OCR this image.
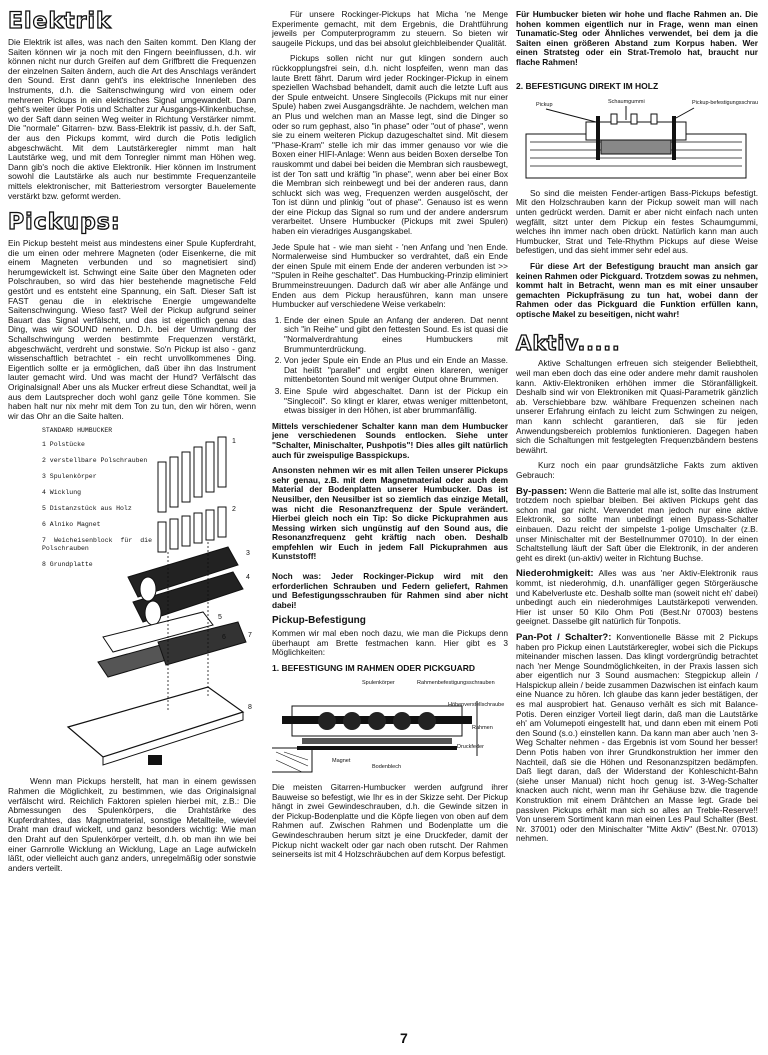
Elektrik

Die Elektrik ist alles, was nach den Saiten kommt. Den Klang der Saiten können wir ja noch mit den Fingern beeinflussen, d.h. wir können nicht nur durch Greifen auf dem Griffbrett die Frequenzen der einzelnen Saiten ändern, auch die Art des Anschlags verändert den Sound. Erst dann geht's ins elektrische Innenleben des Instruments, d.h. die Saitenschwingung wird von einem oder mehreren Pickups in ein elektrisches Signal umgewandelt. Dann geht's weiter über Potis und Schalter zur Ausgangs-Klinkenbuchse, wo der Saft dann seinen Weg weiter in Richtung Verstärker nimmt. Die "normale" Gitarren- bzw. Bass-Elektrik ist passiv, d.h. der Saft, der aus den Pickups kommt, wird durch die Potis lediglich abgeschwächt. Mit dem Lautstärkeregler nimmt man halt Lautstärke weg, und mit dem Tonregler nimmt man Höhen weg. Dann gib's noch die aktive Elektronik. Hier können im Instrument sowohl die Lautstärke als auch nur bestimmte Frequenzanteile mittels elektronischer, mit Batteriestrom versorgter Bauelemente verstärkt bzw. geformt werden.

Pickups:

Ein Pickup besteht meist aus mindestens einer Spule Kupferdraht, die um einen oder mehrere Magneten (oder Eisenkerne, die mit einem Magneten verbunden und so magnetisiert sind) herumgewickelt ist. Schwingt eine Saite über den Magneten oder Polschrauben, so wird das hier bestehende magnetische Feld gestört und es entsteht eine Spannung, ein Saft. Dieser Saft ist FAST genau die in elektrische Energie umgewandelte Saitenschwingung. Wieso fast? Weil der Pickup aufgrund seiner Bauart das Signal verfälscht, und das ist eigentlich genau das Ding, was wir SOUND nennen. D.h. bei der Umwandlung der Schallschwingung werden bestimmte Frequenzen verstärkt, abgeschwächt, verdreht und sonstwie. So'n Pickup ist also - ganz wissenschaftlich betrachtet - ein recht unvollkommenes Ding. Eigentlich sollte er ja ermöglichen, daß über ihn das Instrument lauter gemacht wird. Und was macht der Hund? Verfälscht das Originalsignal! Aber uns als Mucker erfreut diese Schandtat, weil ja aus dem Lautsprecher doch wohl ganz geile Töne kommen. Sie haben halt nur nix mehr mit dem Ton zu tun, den wir hören, wenn wir das Ohr an die Saite halten.

STANDARD HUMBUCKER
1 Polstücke
2 verstellbare Polschrauben
3 Spulenkörper
4 Wicklung
5 Distanzstück aus Holz
6 Alniko Magnet
7 Weicheisenblock für die Polschrauben
8 Grundplatte
1
2
3
4
5
6	7
8

Wenn man Pickups herstellt, hat man in einem gewissen Rahmen die Möglichkeit, zu bestimmen, wie das Originalsignal verfälscht wird. Reichlich Faktoren spielen hierbei mit, z.B.: Die Abmessungen des Spulenkörpers, die Drahtstärke des Kupferdrahtes, das Magnetmaterial, sonstige Metallteile, wieviel Draht man drauf wickelt, und ganz besonders wichtig: Wie man den Draht auf den Spulenkörper verteilt, d.h. ob man ihn wie bei einer Garnrolle Wicklung an Wicklung, Lage an Lage aufwickeln läßt, oder vielleicht auch ganz anders, unregelmäßig oder sonstwie anders verteilt.

Für unsere Rockinger-Pickups hat Micha 'ne Menge Experimente gemacht, mit dem Ergebnis, die Drahtführung jeweils per Computerprogramm zu steuern. So bieten wir saugeile Pickups, und das bei absolut gleichbleibender Qualität.

Pickups sollen nicht nur gut klingen sondern auch rückkopplungsfrei sein, d.h. nicht lospfeifen, wenn man das laute Brett fährt. Darum wird jeder Rockinger-Pickup in einem speziellen Wachsbad behandelt, damit auch die letzte Luft aus der Spule entweicht. Unsere Singlecoils (Pickups mit nur einer Spule) haben zwei Ausgangsdrähte. Je nachdem, welchen man an Plus und welchen man an Masse legt, sind die Dinger so oder so rum gephast, also "in phase" oder "out of phase", wenn sie zu einem weiteren Pickup dazugeschaltet sind. Mit diesem "Phase-Kram" stelle ich mir das immer genauso vor wie die Boxen einer HIFI-Anlage: Wenn aus beiden Boxen derselbe Ton rauskommt und dabei bei beiden die Membran sich rausbewegt, ist der Ton satt und kräftig "in phase", wenn aber bei einer Box die Membran sich reinbewegt und bei der anderen raus, dann schluckt sich was weg, Frequenzen werden ausgelöscht, der Ton ist dünn und plinkig "out of phase". Genauso ist es wenn der eine Pickup das Signal so rum und der andere andersrum verarbeitet. Unsere Humbucker (Pickups mit zwei Spulen) haben ein vieradriges Ausgangskabel.

Jede Spule hat - wie man sieht - 'nen Anfang und 'nen Ende. Normalerweise sind Humbucker so verdrahtet, daß ein Ende der einen Spule mit einem Ende der anderen verbunden ist >> "Spulen in Reihe geschaltet". Das Humbucking-Prinzip eliminiert Brummeinstreuungen. Dadurch daß wir aber alle Anfänge und Enden aus dem Pickup herausführen, kann man unsere Humbucker auf verschiedene Weise verkabeln:

1. Ende der einen Spule an Anfang der anderen. Dat nennt sich "in Reihe" und gibt den fettesten Sound. Es ist quasi die "Normalverdrahtung eines Humbuckers mit Brummunterdrückung.
2. Von jeder Spule ein Ende an Plus und ein Ende an Masse. Dat heißt "parallel" und ergibt einen klareren, weniger mittenbetonten Sound mit weniger Output ohne Brummen.
3. Eine Spule wird abgeschaltet. Dann ist der Pickup ein "Singlecoil". So klingt er klarer, etwas weniger mittenbetont, etwas bissiger in den Höhen, ist aber brummanfällig.

Mittels verschiedener Schalter kann man dem Humbucker jene verschiedenen Sounds entlocken. Siehe unter "Schalter, Minischalter, Pushpotis"! Dies alles gilt natürlich auch für zweispulige Basspickups.

Ansonsten nehmen wir es mit allen Teilen unserer Pickups sehr genau, z.B. mit dem Magnetmaterial oder auch dem Material der Bodenplatten unserer Humbucker. Das ist Neusilber, den Neusilber ist so ziemlich das einzige Metall, was nicht die Resonanzfrequenz der Spule verändert. Hierbei gleich noch ein Tip: So dicke Pickuprahmen aus Messing wirken sich ungünstig auf den Sound aus, die Resonanzfrequenz geht kräftig nach oben. Deshalb empfehlen wir Euch in jedem Fall Pickuprahmen aus Kunststoff!

Noch was: Jeder Rockinger-Pickup wird mit den erforderlichen Schrauben und Federn geliefert, Rahmen und Befestigungsschrauben für Rahmen sind aber nicht dabei!

Pickup-Befestigung

Kommen wir mal eben noch dazu, wie man die Pickups denn überhaupt am Brette festmachen kann. Hier gibt es 3 Möglichkeiten:

1. BEFESTIGUNG IM RAHMEN ODER PICKGUARD
Spulenkörper	Rahmenbefestigungsschrauben
Höhenverstellschraube
Rahmen
Druckfeder
Magnet
Bodenblech

Die meisten Gitarren-Humbucker werden aufgrund ihrer Bauweise so befestigt, wie Ihr es in der Skizze seht. Der Pickup hängt in zwei Gewindeschrauben, d.h. die Gewinde sitzen in der Pickup-Bodenplatte und die Köpfe liegen von oben auf dem Rahmen auf. Zwischen Rahmen und Bodenplatte um die Gewindeschrauben herum sitzt je eine Druckfeder, damit der Pickup nicht wackelt oder gar nach oben rutscht. Der Rahmen seinerseits ist mit 4 Holzschräubchen auf dem Korpus befestigt.

Für Humbucker bieten wir hohe und flache Rahmen an. Die hohen kommen eigentlich nur in Frage, wenn man einen Tunamatic-Steg oder Ähnliches verwendet, bei dem ja die Saiten einen größeren Abstand zum Korpus haben. Wer einen Stratsteg oder ein Strat-Tremolo hat, braucht nur flache Rahmen!

2. BEFESTIGUNG DIREKT IM HOLZ
Pickup	Schaumgummi	Pickup-befestigungsschraube

So sind die meisten Fender-artigen Bass-Pickups befestigt. Mit den Holzschrauben kann der Pickup soweit man will nach unten gedrückt werden. Damit er aber nicht einfach nach unten wegfällt, sitzt unter dem Pickup ein festes Schaumgummi, welches ihn immer nach oben drückt. Natürlich kann man auch Humbucker, Strat und Tele-Rhythm Pickups auf diese Weise befestigen, und das sieht immer sehr edel aus.

Für diese Art der Befestigung braucht man ansich gar keinen Rahmen oder Pickguard. Trotzdem sowas zu nehmen, kommt halt in Betracht, wenn man es mit einer unsauber gemachten Pickupfräsung zu tun hat, wobei dann der Rahmen oder das Pickguard die Funktion erfüllen kann, optische Makel zu beseitigen, nicht wahr!

Aktiv.....

Aktive Schaltungen erfreuen sich steigender Beliebtheit, weil man eben doch das eine oder andere mehr damit rausholen kann. Aktiv-Elektroniken erhöhen immer die Störanfälligkeit. Deshalb sind wir von Elektroniken mit Quasi-Parametrik gänzlich ab. Verschiebbare bzw. wählbare Frequenzen scheinen nach unserer Erfahrung einfach zu leicht zum Schwingen zu neigen, man kann schlecht garantieren, daß sie für jeden Anwendungsbereich problemlos funktionieren. Dagegen haben sich die Schaltungen mit festgelegten Frequenzbändern bestens bewährt.

Kurz noch ein paar grundsätzliche Fakts zum aktiven Gebrauch:

By-passen: Wenn die Batterie mal alle ist, sollte das Instrument trotzdem noch spielbar bleiben. Bei aktiven Pickups geht das schon mal gar nicht. Verwendet man jedoch nur eine aktive Elektronik, so sollte man unbedingt einen Bypass-Schalter einbauen. Dazu reicht der simpelste 1-polige Umschalter (z.B. unser Minischalter mit der Bestellnummer 07010). In der einen Schaltstellung läuft der Saft über die Elektronik, in der anderen geht es direkt (un-aktiv) weiter in Richtung Buchse.

Niederohmigkeit: Alles was aus 'ner Aktiv-Elektronik raus kommt, ist niederohmig, d.h. unanfälliger gegen Störgeräusche und Kabelverluste etc. Deshalb sollte man (soweit nicht eh' dabei) unbedingt auch ein niederohmiges Lautstärkepoti verwenden. Hier ist unser 50 Kilo Ohm Poti (Best.Nr 07003) bestens geeignet. Dasselbe gilt natürlich für Tonpotis.

Pan-Pot / Schalter?: Konventionelle Bässe mit 2 Pickups haben pro Pickup einen Lautstärkeregler, wobei sich die Pickups miteinander mischen lassen. Das klingt vordergründig betrachtet nach 'ner Menge Soundmöglichkeiten, in der Praxis lassen sich aber eigentlich nur 3 Sound ausmachen: Stegpickup allein / Halspickup allein / beide zusammen Dazwischen ist einfach kaum eine Nuance zu hören. Ich glaube das kann jeder bestätigen, der es mal ausprobiert hat. Genauso verhält es sich mit Balance-Potis. Deren einziger Vorteil liegt darin, daß man die Lautstärke eh' am Volumepoti eingestellt hat, und dann eben mit einem Poti den Sound (s.o.) einstellen kann. Da kann man aber auch 'nen 3-Weg Schalter nehmen - das Ergebnis ist vom Sound her besser! Denn Potis haben von ihrer Grundkonstruktion her immer den Nachteil, daß sie die Höhen und Resonanzspitzen bedämpfen. Daß liegt daran, daß der Widerstand der Kohleschicht-Bahn (siehe unser Manual) nicht hoch genug ist. 3-Weg-Schalter knacken auch nicht, wenn man ihr Gehäuse bzw. die tragende Konstruktion mit einem Drähtchen an Masse legt. Grade bei passiven Pickups erhält man sich so alles an Treble-Reserve!! Von unserem Sortiment kann man einen Les Paul Schalter (Best. Nr. 37001) oder den Minischalter "Mitte Aktiv" (Best.Nr. 07013) nehmen.

7
